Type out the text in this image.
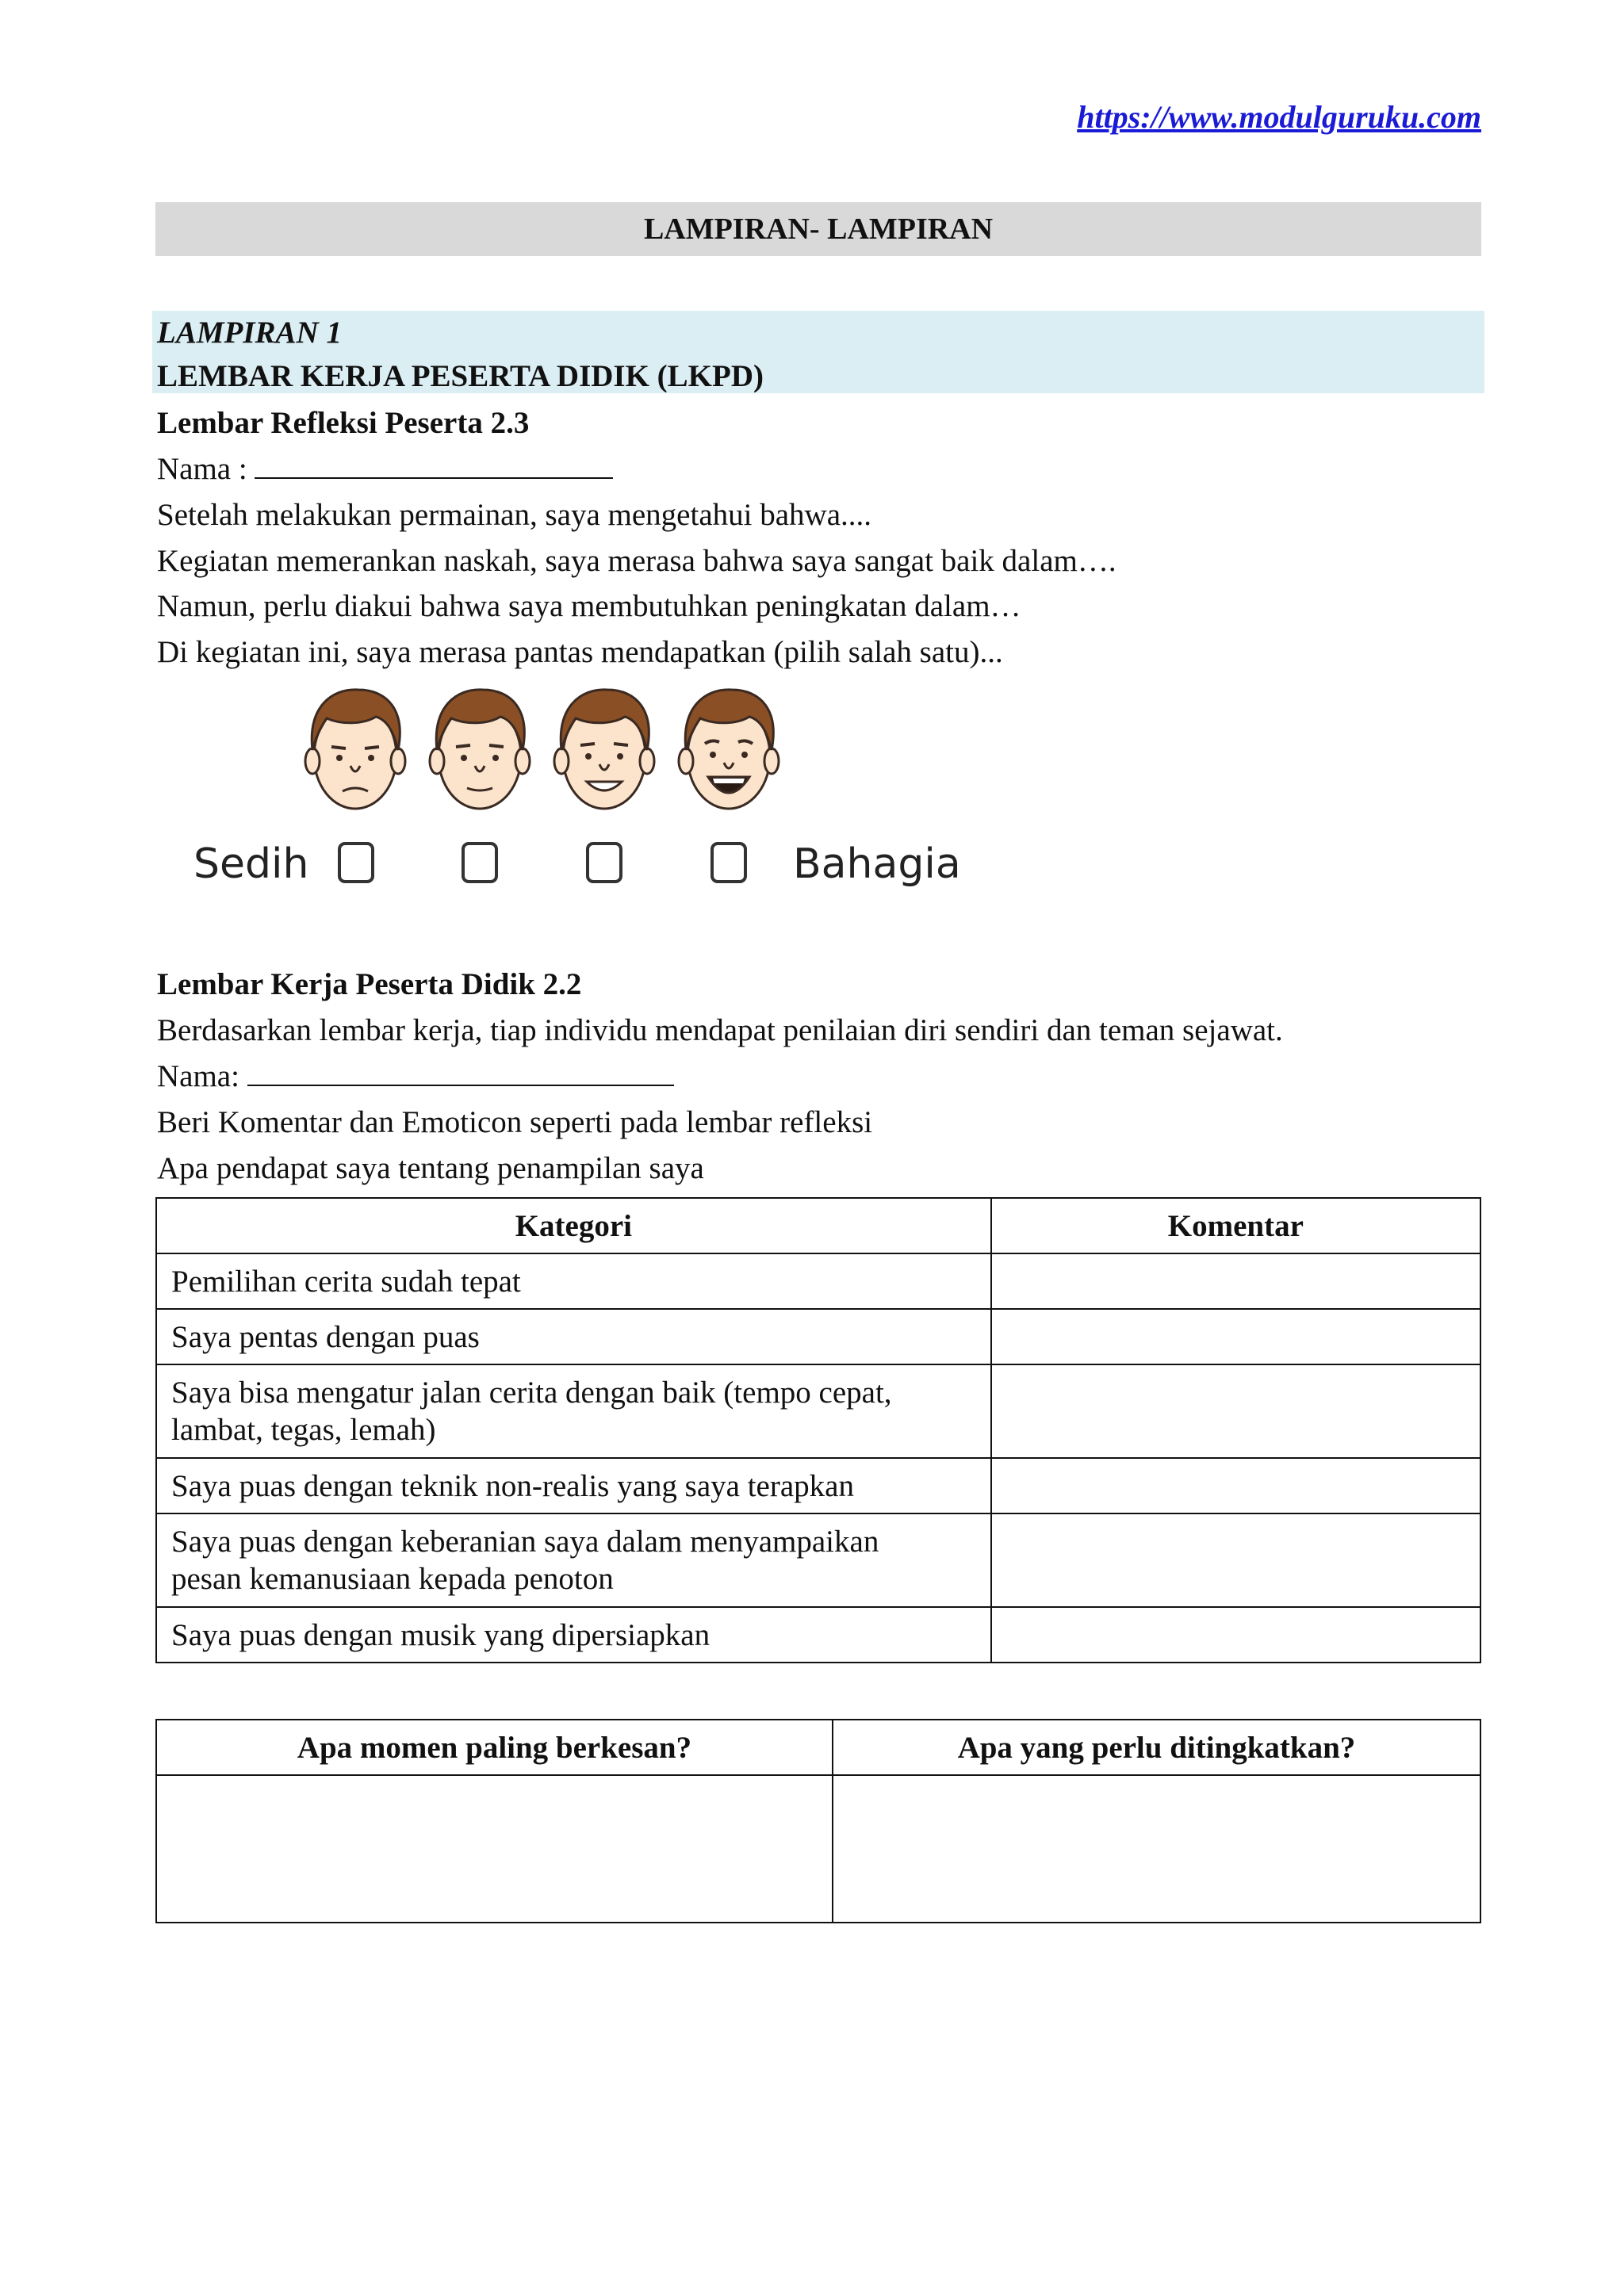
https://www.modulguruku.com
LAMPIRAN- LAMPIRAN
LAMPIRAN 1
LEMBAR KERJA PESERTA DIDIK (LKPD)
Lembar Refleksi Peserta 2.3
Nama :
Setelah melakukan permainan, saya mengetahui bahwa....
Kegiatan memerankan naskah, saya merasa bahwa saya sangat baik dalam….
Namun, perlu diakui bahwa saya membutuhkan peningkatan dalam…
Di kegiatan ini, saya merasa pantas mendapatkan (pilih salah satu)...
Sedih	Bahagia
Lembar Kerja Peserta Didik 2.2
Berdasarkan lembar kerja, tiap individu mendapat penilaian diri sendiri dan teman sejawat.
Nama:
Beri Komentar dan Emoticon seperti pada lembar refleksi
Apa pendapat saya tentang penampilan saya
Kategori	Komentar
Pemilihan cerita sudah tepat	
Saya pentas dengan puas	
Saya bisa mengatur jalan cerita dengan baik (tempo cepat,
lambat, tegas, lemah)	
Saya puas dengan teknik non-realis yang saya terapkan	
Saya puas dengan keberanian saya dalam menyampaikan
pesan kemanusiaan kepada penoton	
Saya puas dengan musik yang dipersiapkan	
Apa momen paling berkesan?	Apa yang perlu ditingkatkan?
